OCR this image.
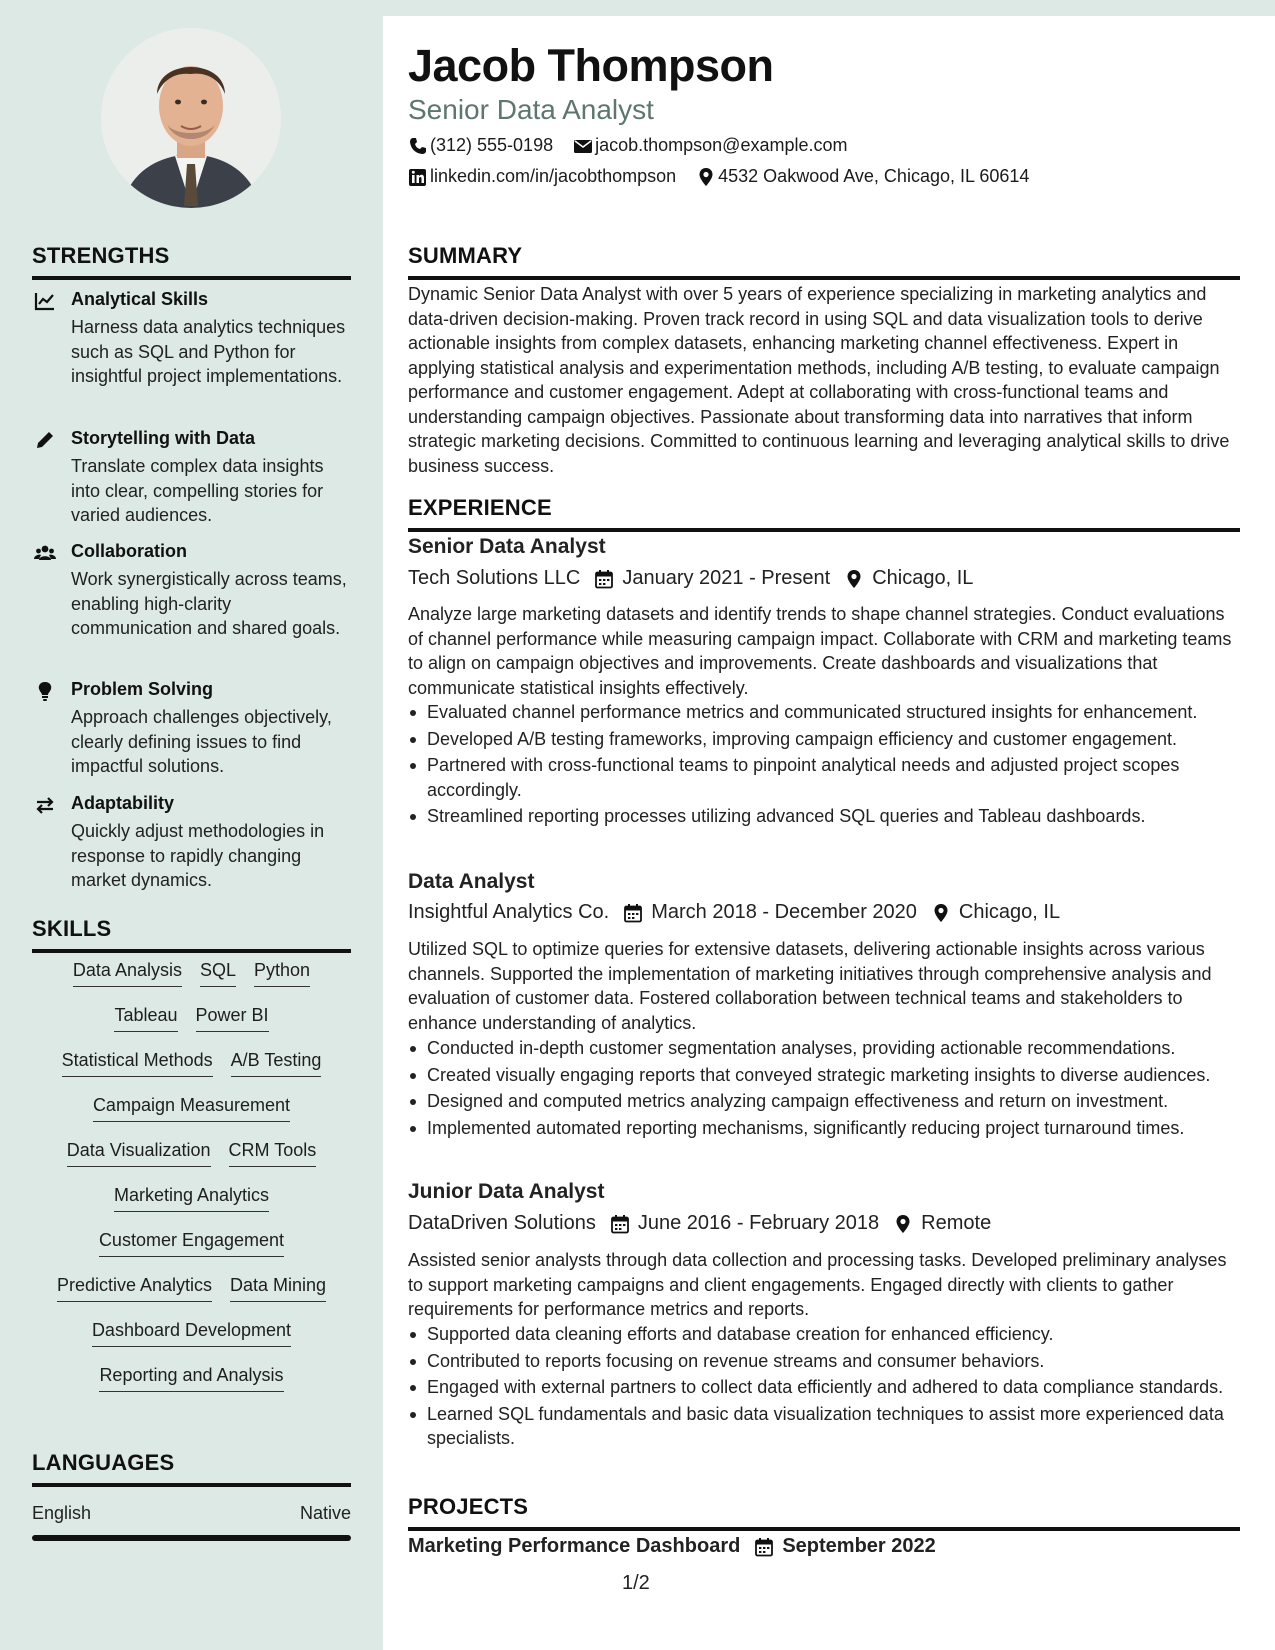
STRENGTHS
Analytical Skills
Harness data analytics techniques such as SQL and Python for insightful project implementations.
Storytelling with Data
Translate complex data insights into clear, compelling stories for varied audiences.
Collaboration
Work synergistically across teams, enabling high-clarity communication and shared goals.
Problem Solving
Approach challenges objectively, clearly defining issues to find impactful solutions.
Adaptability
Quickly adjust methodologies in response to rapidly changing market dynamics.
SKILLS
Data Analysis SQL Python
Tableau Power BI
Statistical Methods A/B Testing
Campaign Measurement
Data Visualization CRM Tools
Marketing Analytics
Customer Engagement
Predictive Analytics Data Mining
Dashboard Development
Reporting and Analysis
LANGUAGES
English	Native
Jacob Thompson
Senior Data Analyst
(312) 555-0198 jacob.thompson@example.com
linkedin.com/in/jacobthompson 4532 Oakwood Ave, Chicago, IL 60614
SUMMARY
Dynamic Senior Data Analyst with over 5 years of experience specializing in marketing analytics and data-driven decision-making. Proven track record in using SQL and data visualization tools to derive actionable insights from complex datasets, enhancing marketing channel effectiveness. Expert in applying statistical analysis and experimentation methods, including A/B testing, to evaluate campaign performance and customer engagement. Adept at collaborating with cross-functional teams and understanding campaign objectives. Passionate about transforming data into narratives that inform strategic marketing decisions. Committed to continuous learning and leveraging analytical skills to drive business success.
EXPERIENCE
Senior Data Analyst
Tech Solutions LLC January 2021 - Present Chicago, IL
Analyze large marketing datasets and identify trends to shape channel strategies. Conduct evaluations of channel performance while measuring campaign impact. Collaborate with CRM and marketing teams to align on campaign objectives and improvements. Create dashboards and visualizations that communicate statistical insights effectively.
Evaluated channel performance metrics and communicated structured insights for enhancement.
Developed A/B testing frameworks, improving campaign efficiency and customer engagement.
Partnered with cross-functional teams to pinpoint analytical needs and adjusted project scopes accordingly.
Streamlined reporting processes utilizing advanced SQL queries and Tableau dashboards.
Data Analyst
Insightful Analytics Co. March 2018 - December 2020 Chicago, IL
Utilized SQL to optimize queries for extensive datasets, delivering actionable insights across various channels. Supported the implementation of marketing initiatives through comprehensive analysis and evaluation of customer data. Fostered collaboration between technical teams and stakeholders to enhance understanding of analytics.
Conducted in-depth customer segmentation analyses, providing actionable recommendations.
Created visually engaging reports that conveyed strategic marketing insights to diverse audiences.
Designed and computed metrics analyzing campaign effectiveness and return on investment.
Implemented automated reporting mechanisms, significantly reducing project turnaround times.
Junior Data Analyst
DataDriven Solutions June 2016 - February 2018 Remote
Assisted senior analysts through data collection and processing tasks. Developed preliminary analyses to support marketing campaigns and client engagements. Engaged directly with clients to gather requirements for performance metrics and reports.
Supported data cleaning efforts and database creation for enhanced efficiency.
Contributed to reports focusing on revenue streams and consumer behaviors.
Engaged with external partners to collect data efficiently and adhered to data compliance standards.
Learned SQL fundamentals and basic data visualization techniques to assist more experienced data specialists.
PROJECTS
Marketing Performance Dashboard September 2022
1/2
